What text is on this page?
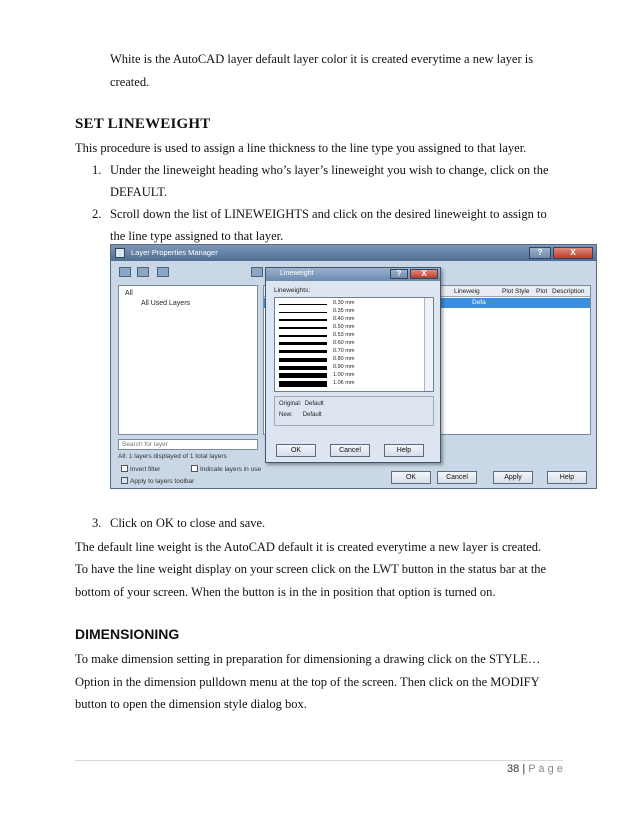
White is the AutoCAD layer default layer color it is created everytime a new layer is
created.
SET LINEWEIGHT
This procedure is used to assign a line thickness to the line type you assigned to that layer.
1. Under the lineweight heading who’s layer’s lineweight you wish to change, click on the
DEFAULT.
2. Scroll down the list of LINEWEIGHTS and click on the desired lineweight to assign to
the line type assigned to that layer.
Layer Properties Manager	?	X
All
All Used Layers
Search for layer
All: 1 layers displayed of 1 total layers
Invert filter	Indicate layers in use
Apply to layers toolbar
Lineweig	Plot Style Plot Description
Defa
OK	Cancel	Apply	Help
Lineweight	?	X
Lineweights:
0.30 mm
0.35 mm
0.40 mm
0.50 mm
0.53 mm
0.60 mm
0.70 mm
0.80 mm
0.90 mm
1.00 mm
1.06 mm
Original: Default
New: Default
OK	Cancel	Help
3. Click on OK to close and save.
The default line weight is the AutoCAD default it is created everytime a new layer is created.
To have the line weight display on your screen click on the LWT button in the status bar at the
bottom of your screen. When the button is in the in position that option is turned on.
DIMENSIONING
To make dimension setting in preparation for dimensioning a drawing click on the STYLE…
Option in the dimension pulldown menu at the top of the screen. Then click on the MODIFY
button to open the dimension style dialog box.
38 | P a g e
